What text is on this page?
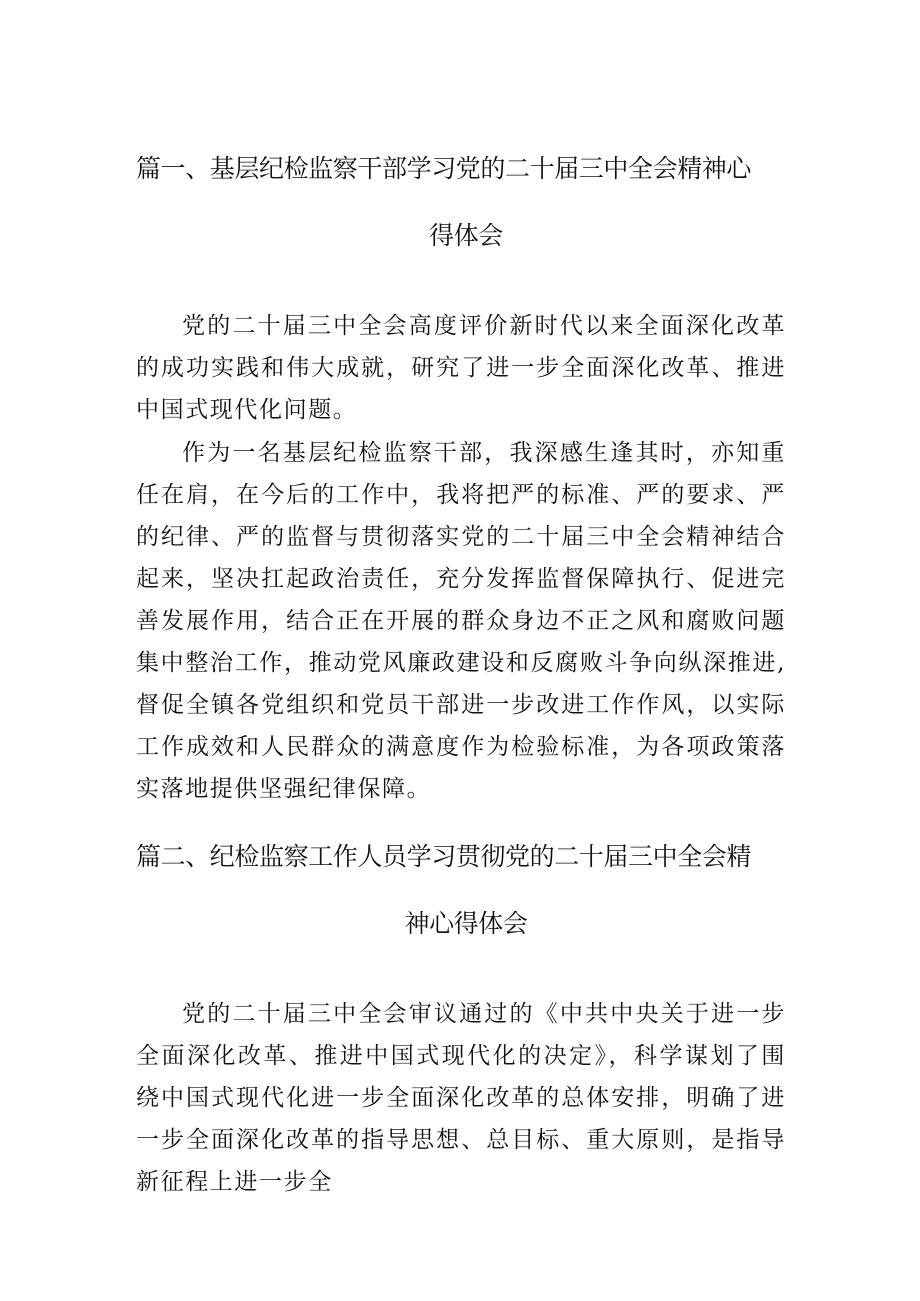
篇一、基层纪检监察干部学习党的二十届三中全会精神心
得体会

党的二十届三中全会高度评价新时代以来全面深化改革的成功实践和伟大成就，研究了进一步全面深化改革、推进中国式现代化问题。

作为一名基层纪检监察干部，我深感生逢其时，亦知重任在肩，在今后的工作中，我将把严的标准、严的要求、严的纪律、严的监督与贯彻落实党的二十届三中全会精神结合起来，坚决扛起政治责任，充分发挥监督保障执行、促进完善发展作用，结合正在开展的群众身边不正之风和腐败问题集中整治工作，推动党风廉政建设和反腐败斗争向纵深推进,督促全镇各党组织和党员干部进一步改进工作作风，以实际工作成效和人民群众的满意度作为检验标准，为各项政策落实落地提供坚强纪律保障。

篇二、纪检监察工作人员学习贯彻党的二十届三中全会精
神心得体会

党的二十届三中全会审议通过的《中共中央关于进一步全面深化改革、推进中国式现代化的决定》，科学谋划了围绕中国式现代化进一步全面深化改革的总体安排，明确了进一步全面深化改革的指导思想、总目标、重大原则，是指导新征程上进一步全
